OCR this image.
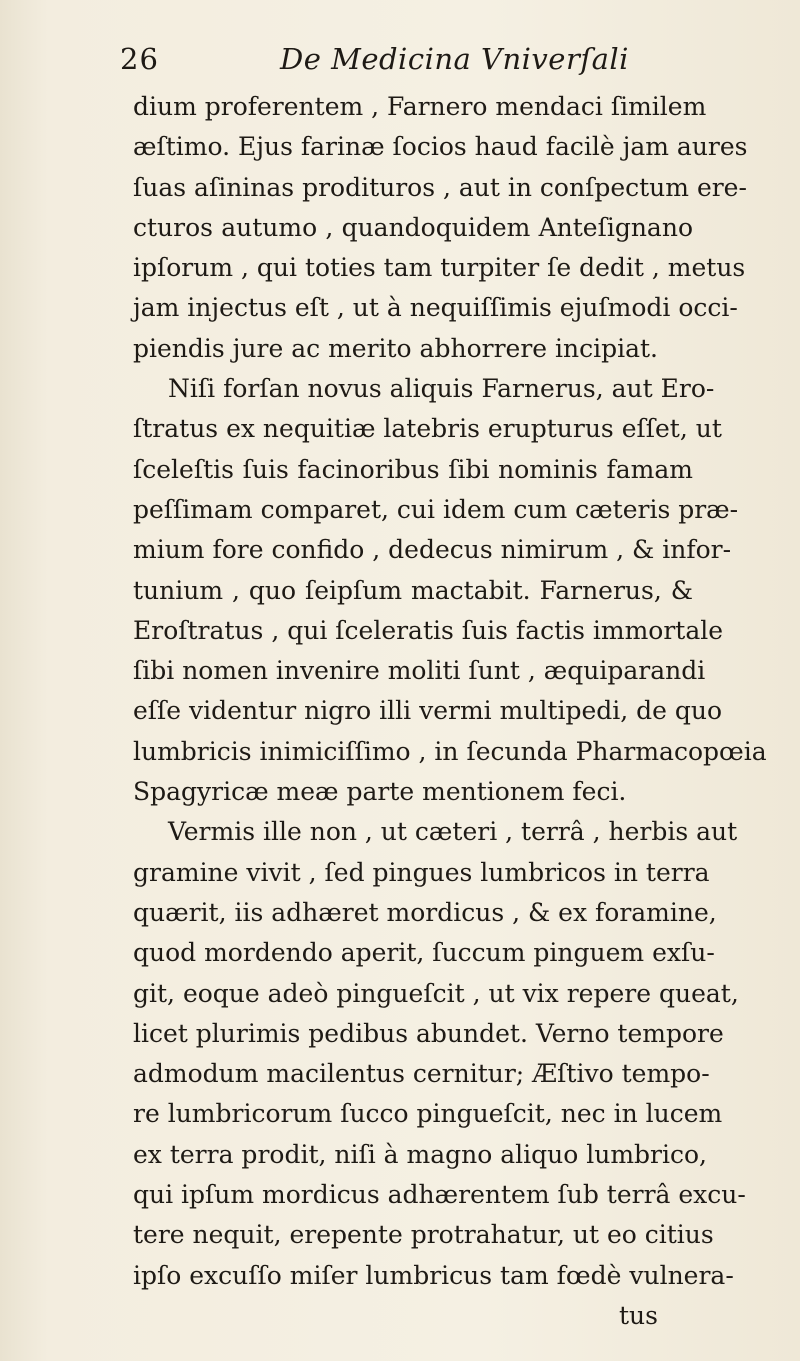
26	De Medicina Vniverſali
dium proferentem , Farnero mendaci ſimilem
æſtimo. Ejus farinæ ſocios haud facilè jam aures
ſuas aſininas prodituros , aut in conſpectum ere-
cturos autumo , quandoquidem Anteſignano
ipſorum , qui toties tam turpiter ſe dedit , metus
jam injectus eſt , ut à nequiſſimis ejuſmodi occi-
piendis jure ac merito abhorrere incipiat.
Niſi forſan novus aliquis Farnerus, aut Ero-
ſtratus ex nequitiæ latebris erupturus eſſet, ut
ſceleſtis ſuis facinoribus ſibi nominis famam
peſſimam comparet, cui idem cum cæteris præ-
mium fore confido , dedecus nimirum , & infor-
tunium , quo ſeipſum mactabit. Farnerus, &
Eroſtratus , qui ſceleratis ſuis factis immortale
ſibi nomen invenire moliti ſunt , æquiparandi
eſſe videntur nigro illi vermi multipedi, de quo
lumbricis inimiciſſimo , in ſecunda Pharmacopœia
Spagyricæ meæ parte mentionem feci.
Vermis ille non , ut cæteri , terrâ , herbis aut
gramine vivit , ſed pingues lumbricos in terra
quærit, iis adhæret mordicus , & ex foramine,
quod mordendo aperit, ſuccum pinguem exſu-
git, eoque adeò pingueſcit , ut vix repere queat,
licet plurimis pedibus abundet. Verno tempore
admodum macilentus cernitur; Æſtivo tempo-
re lumbricorum ſucco pingueſcit, nec in lucem
ex terra prodit, niſi à magno aliquo lumbrico,
qui ipſum mordicus adhærentem ſub terrâ excu-
tere nequit, erepente protrahatur, ut eo citius
ipſo excuſſo miſer lumbricus tam fœdè vulnera-
tus
